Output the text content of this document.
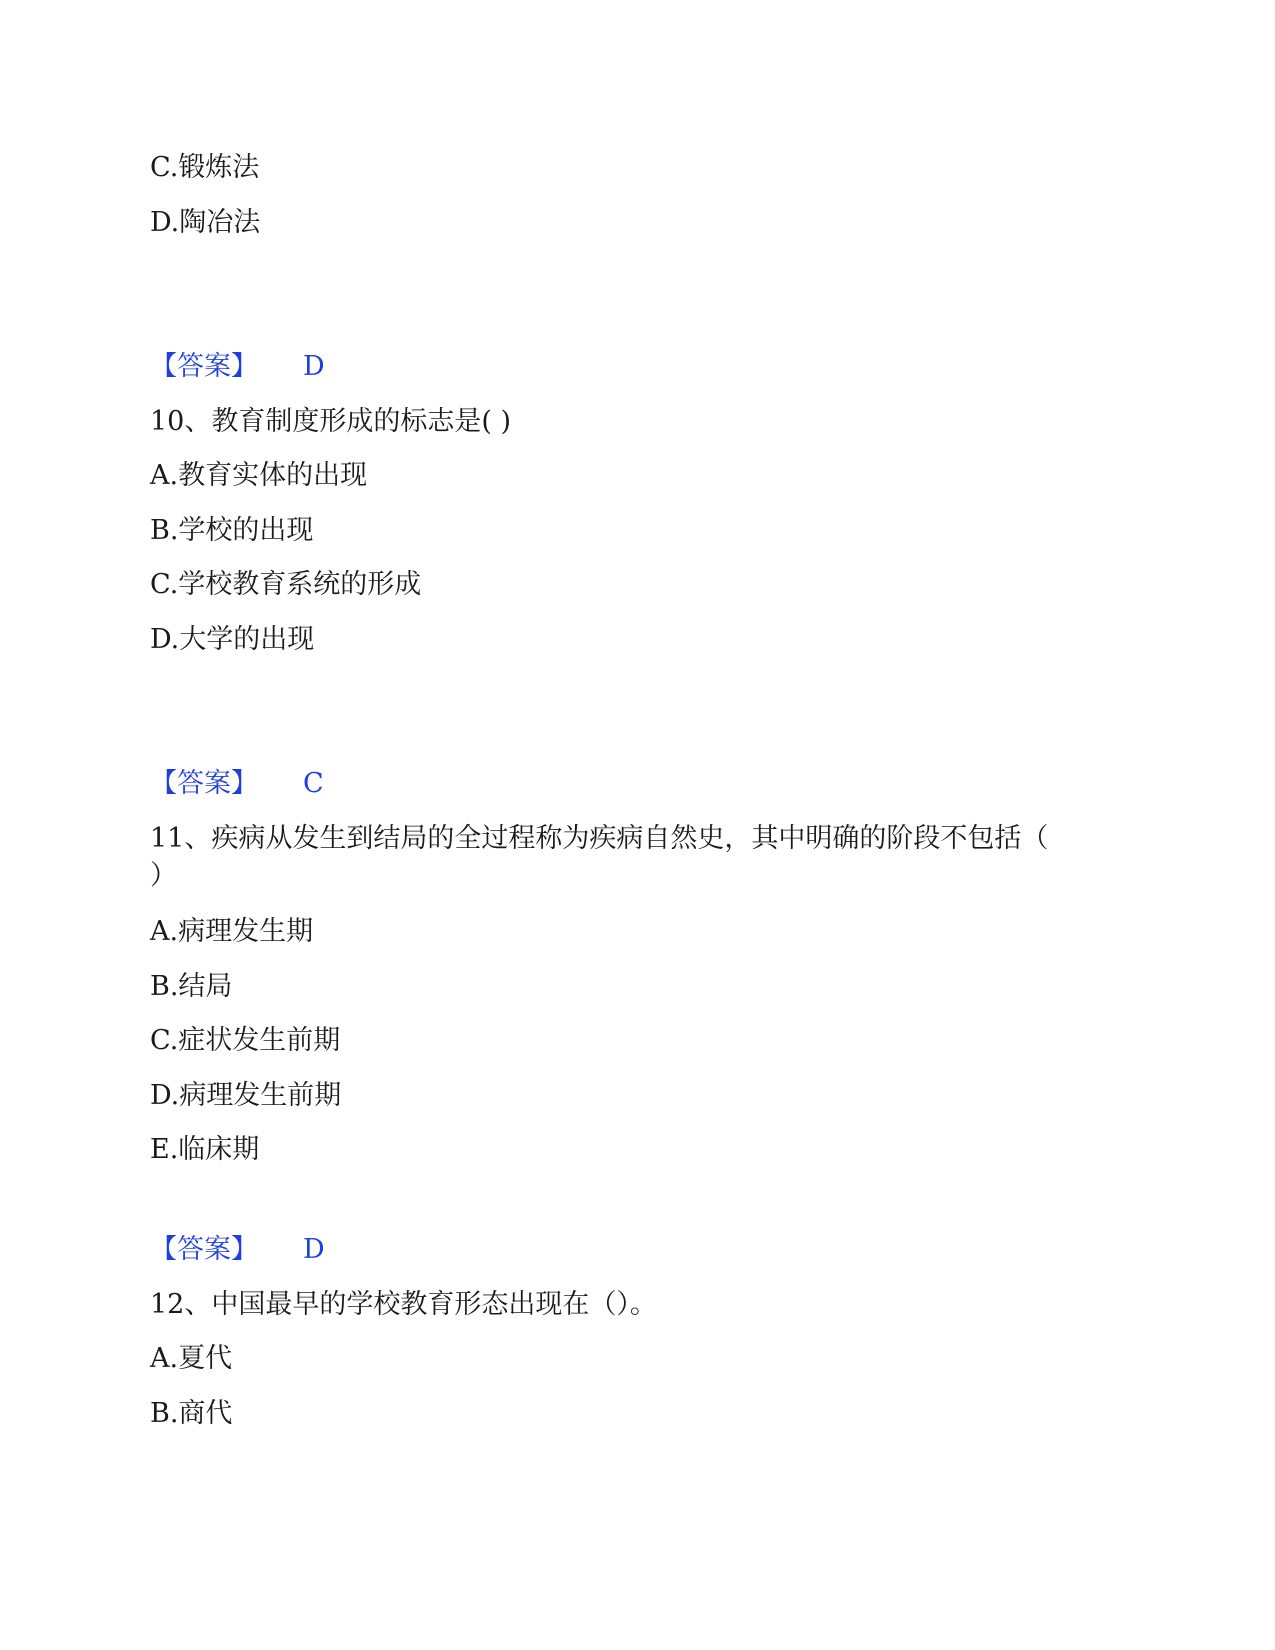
C.锻炼法
D.陶冶法
【答案】 D
10、教育制度形成的标志是( )
A.教育实体的出现
B.学校的出现
C.学校教育系统的形成
D.大学的出现
【答案】 C
11、疾病从发生到结局的全过程称为疾病自然史，其中明确的阶段不包括（
）
A.病理发生期
B.结局
C.症状发生前期
D.病理发生前期
E.临床期
【答案】 D
12、中国最早的学校教育形态出现在（）。
A.夏代
B.商代
